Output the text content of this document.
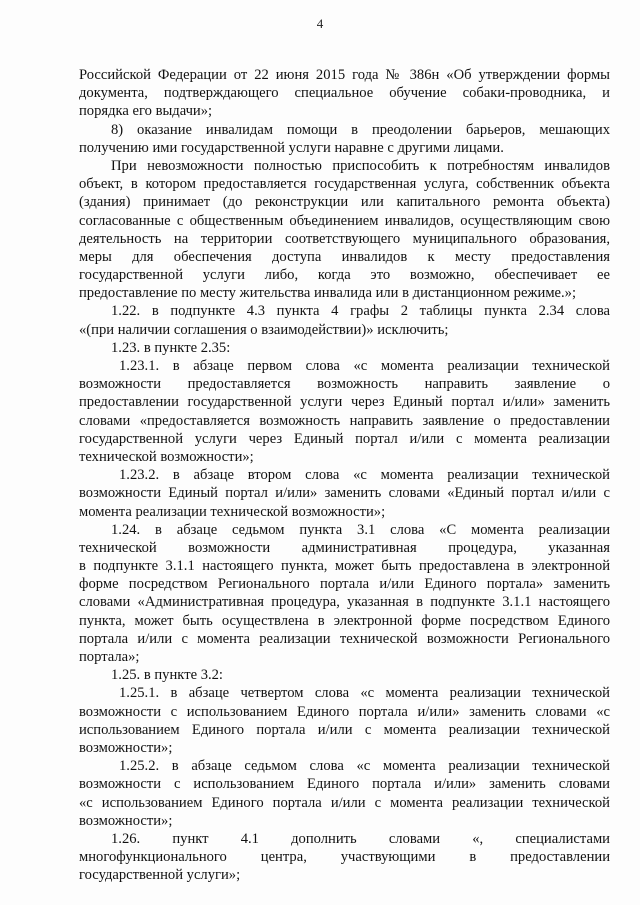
4
Российской Федерации от 22 июня 2015 года № 386н «Об утверждении формы
документа, подтверждающего специальное обучение собаки-проводника, и
порядка его выдачи»;
8) оказание инвалидам помощи в преодолении барьеров, мешающих
получению ими государственной услуги наравне с другими лицами.
При невозможности полностью приспособить к потребностям инвалидов
объект, в котором предоставляется государственная услуга, собственник объекта
(здания) принимает (до реконструкции или капитального ремонта объекта)
согласованные с общественным объединением инвалидов, осуществляющим свою
деятельность на территории соответствующего муниципального образования,
меры для обеспечения доступа инвалидов к месту предоставления
государственной услуги либо, когда это возможно, обеспечивает ее
предоставление по месту жительства инвалида или в дистанционном режиме.»;
1.22. в подпункте 4.3 пункта 4 графы 2 таблицы пункта 2.34 слова
«(при наличии соглашения о взаимодействии)» исключить;
1.23. в пункте 2.35:
1.23.1. в абзаце первом слова «с момента реализации технической
возможности предоставляется возможность направить заявление о
предоставлении государственной услуги через Единый портал и/или» заменить
словами «предоставляется возможность направить заявление о предоставлении
государственной услуги через Единый портал и/или с момента реализации
технической возможности»;
1.23.2. в абзаце втором слова «с момента реализации технической
возможности Единый портал и/или» заменить словами «Единый портал и/или с
момента реализации технической возможности»;
1.24. в абзаце седьмом пункта 3.1 слова «С момента реализации
технической возможности административная процедура, указанная
в подпункте 3.1.1 настоящего пункта, может быть предоставлена в электронной
форме посредством Регионального портала и/или Единого портала» заменить
словами «Административная процедура, указанная в подпункте 3.1.1 настоящего
пункта, может быть осуществлена в электронной форме посредством Единого
портала и/или с момента реализации технической возможности Регионального
портала»;
1.25. в пункте 3.2:
1.25.1. в абзаце четвертом слова «с момента реализации технической
возможности с использованием Единого портала и/или» заменить словами «с
использованием Единого портала и/или с момента реализации технической
возможности»;
1.25.2. в абзаце седьмом слова «с момента реализации технической
возможности с использованием Единого портала и/или» заменить словами
«с использованием Единого портала и/или с момента реализации технической
возможности»;
1.26. пункт 4.1 дополнить словами «, специалистами
многофункционального центра, участвующими в предоставлении
государственной услуги»;
